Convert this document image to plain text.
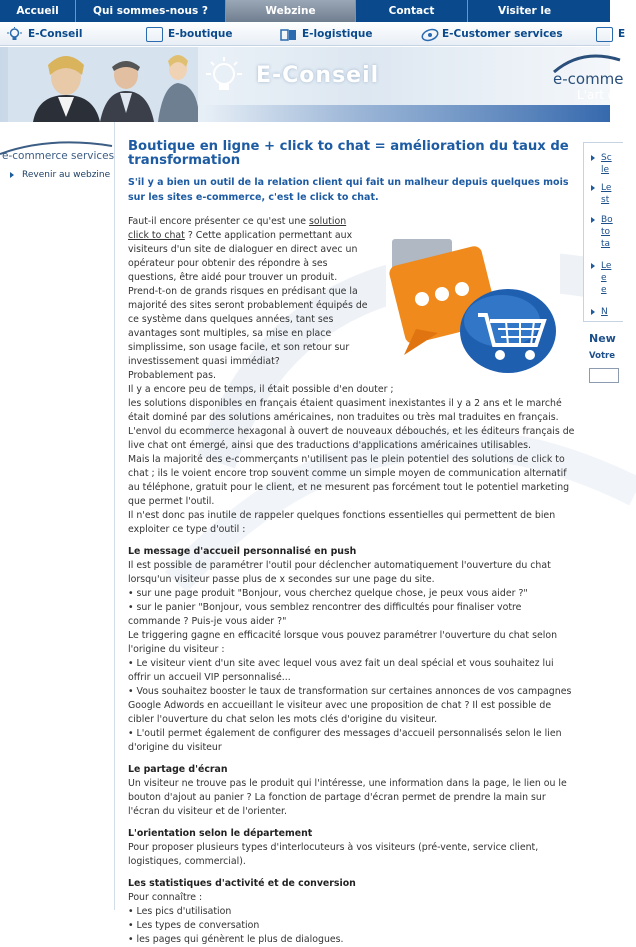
Accueil	Qui sommes-nous ?	Webzine	Contact	Visiter le
E-Conseil	E-boutique	E-logistique	E-Customer services	E
E-Conseil	e-comme
L'art d
e-commerce services
Revenir au webzine
Boutique en ligne + click to chat = amélioration du taux de transformation
S'il y a bien un outil de la relation client qui fait un malheur depuis quelques mois sur les sites e-commerce, c'est le click to chat.

Faut-il encore présenter ce qu'est une solution click to chat ? Cette application permettant aux visiteurs d'un site de dialoguer en direct avec un opérateur pour obtenir des répondre à ses questions, être aidé pour trouver un produit.

Prend-t-on de grands risques en prédisant que la majorité des sites seront probablement équipés de ce système dans quelques années, tant ses avantages sont multiples, sa mise en place simplissime, son usage facile, et son retour sur investissement quasi immédiat?

Probablement pas.

Il y a encore peu de temps, il était possible d'en douter ;

les solutions disponibles en français étaient quasiment inexistantes il y a 2 ans et le marché était dominé par des solutions américaines, non traduites ou très mal traduites en français. L'envol du ecommerce hexagonal à ouvert de nouveaux débouchés, et les éditeurs français de live chat ont émergé, ainsi que des traductions d'applications américaines utilisables.

Mais la majorité des e-commerçants n'utilisent pas le plein potentiel des solutions de click to chat ; ils le voient encore trop souvent comme un simple moyen de communication alternatif au téléphone, gratuit pour le client, et ne mesurent pas forcément tout le potentiel marketing que permet l'outil.

Il n'est donc pas inutile de rappeler quelques fonctions essentielles qui permettent de bien exploiter ce type d'outil :

Le message d'accueil personnalisé en push

Il est possible de paramétrer l'outil pour déclencher automatiquement l'ouverture du chat lorsqu'un visiteur passe plus de x secondes sur une page du site.

• sur une page produit "Bonjour, vous cherchez quelque chose, je peux vous aider ?"

• sur le panier "Bonjour, vous semblez rencontrer des difficultés pour finaliser votre commande ? Puis-je vous aider ?"

Le triggering gagne en efficacité lorsque vous pouvez paramétrer l'ouverture du chat selon l'origine du visiteur :

• Le visiteur vient d'un site avec lequel vous avez fait un deal spécial et vous souhaitez lui offrir un accueil VIP personnalisé...

• Vous souhaitez booster le taux de transformation sur certaines annonces de vos campagnes Google Adwords en accueillant le visiteur avec une proposition de chat ? Il est possible de cibler l'ouverture du chat selon les mots clés d'origine du visiteur.

• L'outil permet également de configurer des messages d'accueil personnalisés selon le lien d'origine du visiteur

Le partage d'écran

Un visiteur ne trouve pas le produit qui l'intéresse, une information dans la page, le lien ou le bouton d'ajout au panier ? La fonction de partage d'écran permet de prendre la main sur l'écran du visiteur et de l'orienter.

L'orientation selon le département

Pour proposer plusieurs types d'interlocuteurs à vos visiteurs (pré-vente, service client, logistiques, commercial).

Les statistiques d'activité et de conversion

Pour connaître :

• Les pics d'utilisation

• Les types de conversation

• les pages qui génèrent le plus de dialogues.

Sc
le
Le
st
Bo
to
ta
Le
e
e
N
New
Votre
